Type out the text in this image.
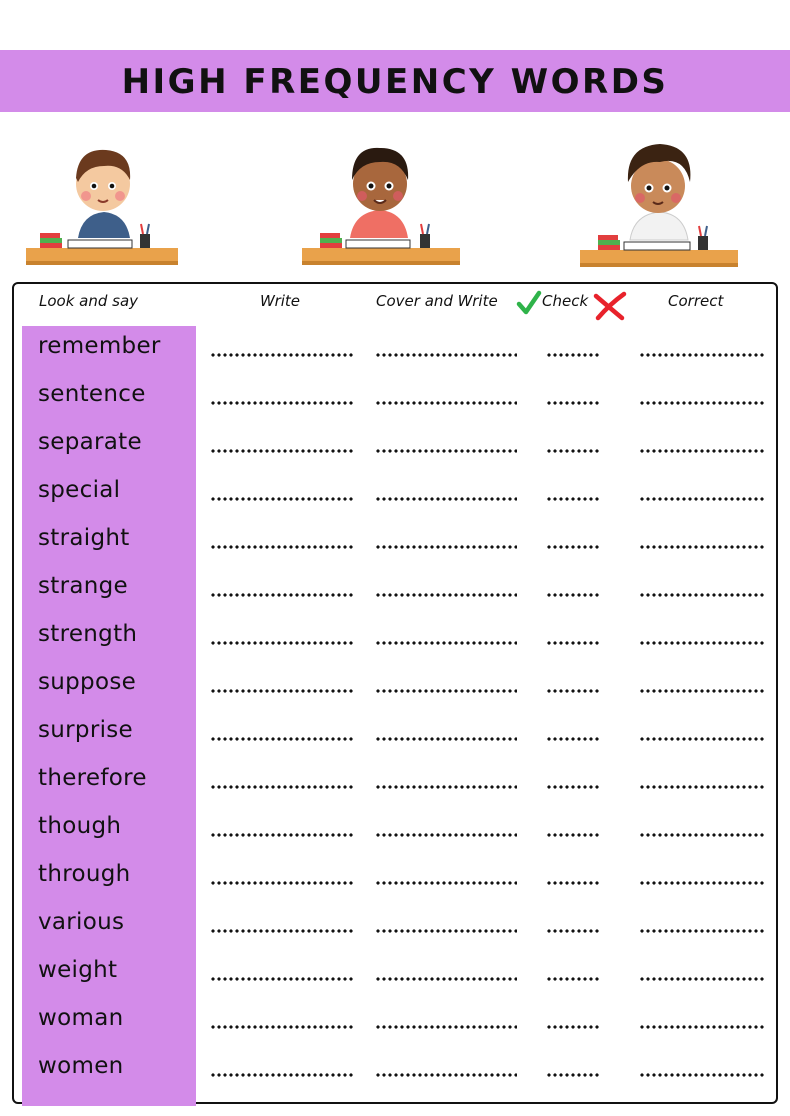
HIGH FREQUENCY WORDS
Look and say	Write	Cover and Write	Check	Correct
remember
sentence
separate
special
straight
strange
strength
suppose
surprise
therefore
though
through
various
weight
woman
women
